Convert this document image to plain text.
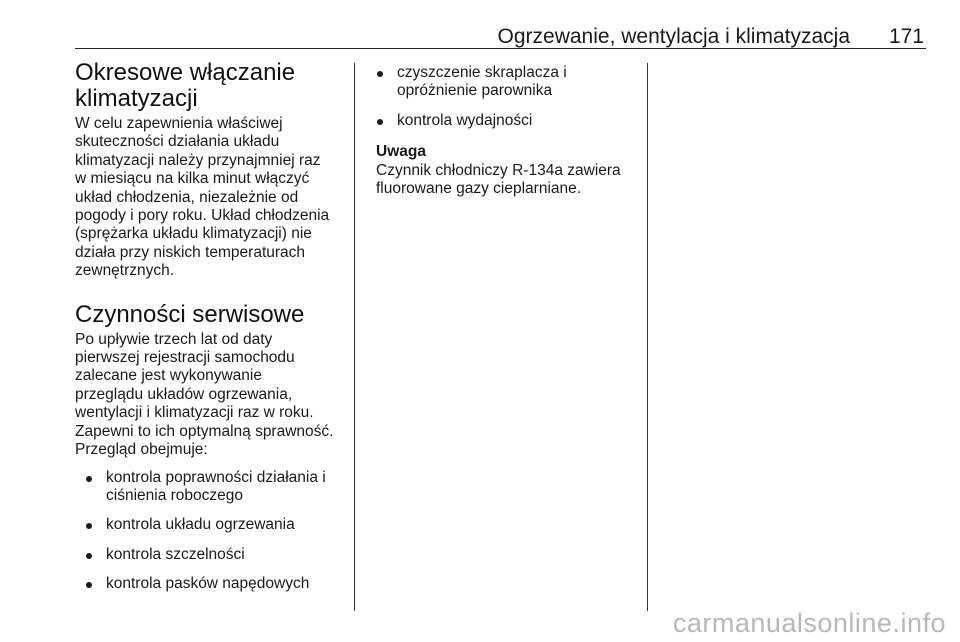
Ogrzewanie, wentylacja i klimatyzacja 171
Okresowe włączanie
klimatyzacji

W celu zapewnienia właściwej
skuteczności działania układu
klimatyzacji należy przynajmniej raz
w miesiącu na kilka minut włączyć
układ chłodzenia, niezależnie od
pogody i pory roku. Układ chłodzenia
(sprężarka układu klimatyzacji) nie
działa przy niskich temperaturach
zewnętrznych.

Czynności serwisowe

Po upływie trzech lat od daty
pierwszej rejestracji samochodu
zalecane jest wykonywanie
przeglądu układów ogrzewania,
wentylacji i klimatyzacji raz w roku.
Zapewni to ich optymalną sprawność.
Przegląd obejmuje:

kontrola poprawności działania i
ciśnienia roboczego
kontrola układu ogrzewania
kontrola szczelności
kontrola pasków napędowych
czyszczenie skraplacza i
opróżnienie parownika
kontrola wydajności
Uwaga

Czynnik chłodniczy R-134a zawiera
fluorowane gazy cieplarniane.

carmanualsonline.info
